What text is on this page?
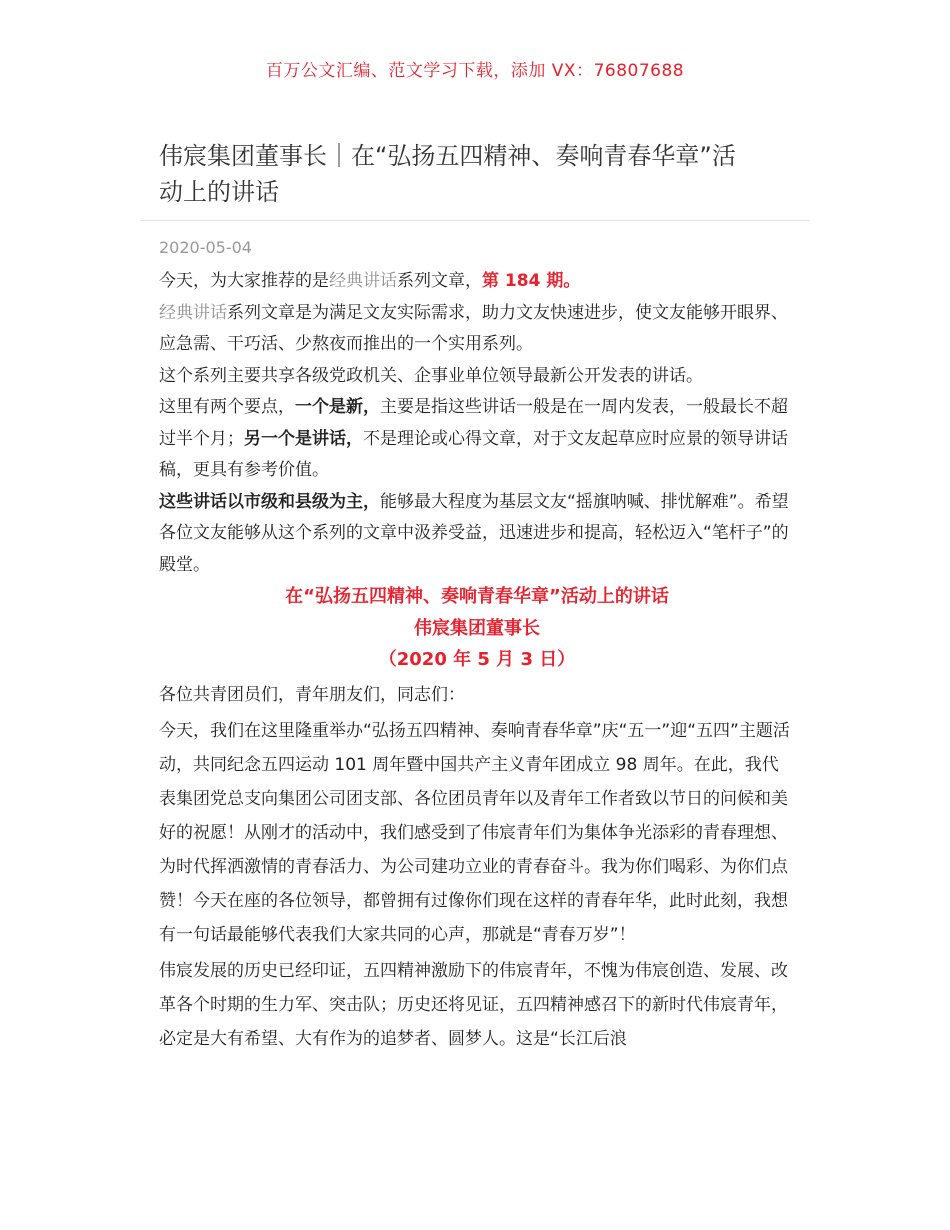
百万公文汇编、范文学习下载，添加 VX：76807688
伟宸集团董事长｜在“弘扬五四精神、奏响青春华章”活动上的讲话
2020-05-04

今天，为大家推荐的是经典讲话系列文章，第 184 期。

经典讲话系列文章是为满足文友实际需求，助力文友快速进步，使文友能够开眼界、应急需、干巧活、少熬夜而推出的一个实用系列。

这个系列主要共享各级党政机关、企事业单位领导最新公开发表的讲话。

这里有两个要点，一个是新，主要是指这些讲话一般是在一周内发表，一般最长不超过半个月；另一个是讲话，不是理论或心得文章，对于文友起草应时应景的领导讲话稿，更具有参考价值。

这些讲话以市级和县级为主，能够最大程度为基层文友“摇旗呐喊、排忧解难”。希望各位文友能够从这个系列的文章中汲养受益，迅速进步和提高，轻松迈入“笔杆子”的殿堂。

在“弘扬五四精神、奏响青春华章”活动上的讲话

伟宸集团董事长

（2020 年 5 月 3 日）

各位共青团员们，青年朋友们，同志们：

今天，我们在这里隆重举办“弘扬五四精神、奏响青春华章”庆“五一”迎“五四”主题活动，共同纪念五四运动 101 周年暨中国共产主义青年团成立 98 周年。在此，我代表集团党总支向集团公司团支部、各位团员青年以及青年工作者致以节日的问候和美好的祝愿！从刚才的活动中，我们感受到了伟宸青年们为集体争光添彩的青春理想、为时代挥洒激情的青春活力、为公司建功立业的青春奋斗。我为你们喝彩、为你们点赞！今天在座的各位领导，都曾拥有过像你们现在这样的青春年华，此时此刻，我想有一句话最能够代表我们大家共同的心声，那就是“青春万岁”！

伟宸发展的历史已经印证，五四精神激励下的伟宸青年，不愧为伟宸创造、发展、改革各个时期的生力军、突击队；历史还将见证，五四精神感召下的新时代伟宸青年，必定是大有希望、大有作为的追梦者、圆梦人。这是“长江后浪
